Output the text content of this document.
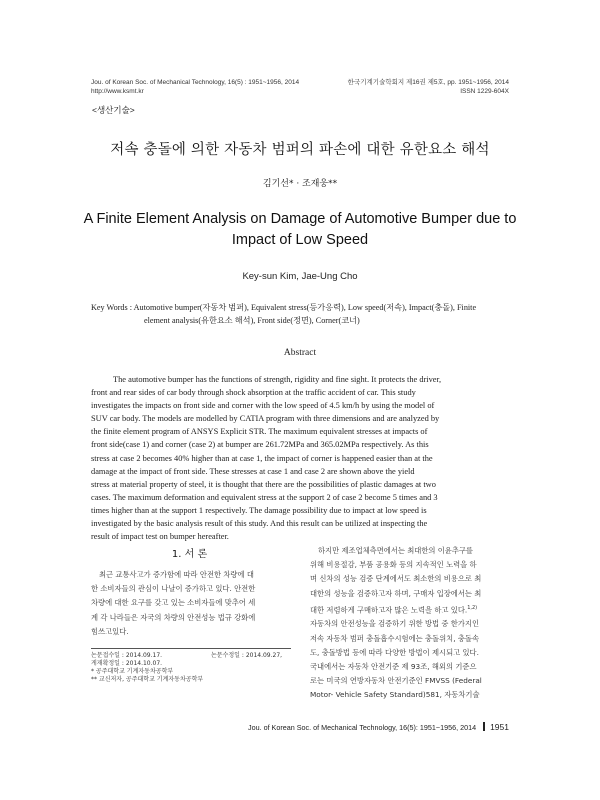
Jou. of Korean Soc. of Mechanical Technology, 16(5) : 1951~1956, 2014
http://www.ksmt.kr
한국기계기술학회지 제16권 제5호, pp. 1951~1956, 2014
ISSN 1229-604X
<생산기술>
저속 충돌에 의한 자동차 범퍼의 파손에 대한 유한요소 해석
김기선* · 조재웅**
A Finite Element Analysis on Damage of Automotive Bumper due to
Impact of Low Speed
Key-sun Kim, Jae-Ung Cho
Key Words : Automotive bumper(자동차 범퍼), Equivalent stress(등가응력), Low speed(저속), Impact(충돌), Finite
element analysis(유한요소 해석), Front side(정면), Corner(코너)
Abstract
The automotive bumper has the functions of strength, rigidity and fine sight. It protects the driver,
front and rear sides of car body through shock absorption at the traffic accident of car. This study
investigates the impacts on front side and corner with the low speed of 4.5 km/h by using the model of
SUV car body. The models are modelled by CATIA program with three dimensions and are analyzed by
the finite element program of ANSYS Explicit STR. The maximum equivalent stresses at impacts of
front side(case 1) and corner (case 2) at bumper are 261.72MPa and 365.02MPa respectively. As this
stress at case 2 becomes 40% higher than at case 1, the impact of corner is happened easier than at the
damage at the impact of front side. These stresses at case 1 and case 2 are shown above the yield
stress at material property of steel, it is thought that there are the possibilities of plastic damages at two
cases. The maximum deformation and equivalent stress at the support 2 of case 2 become 5 times and 3
times higher than at the support 1 respectively. The damage possibility due to impact at low speed is
investigated by the basic analysis result of this study. And this result can be utilized at inspecting the
result of impact test on bumper hereafter.
1. 서 론
최근 교통사고가 증가함에 따라 안전한 차량에 대
한 소비자들의 관심이 나날이 증가하고 있다. 안전한
차량에 대한 요구를 갖고 있는 소비자들에 맞추어 세
계 각 나라들은 자국의 차량의 안전성능 법규 강화에
힘쓰고있다.
논문접수일 : 2014.09.17.	논문수정일 : 2014.09.27,
게재확정일 : 2014.10.07.
* 공주대학교 기계자동차공학부
** 교신저자, 공주대학교 기계자동차공학부
하지만 제조업체측면에서는 최대한의 이윤추구를
위해 비용절감, 부품 공용화 등의 지속적인 노력을 하
며 신차의 성능 검증 단계에서도 최소한의 비용으로 최
대한의 성능을 검증하고자 하며, 구매자 입장에서는 최
대한 저렴하게 구매하고자 많은 노력을 하고 있다.$^{1,2)}$
자동차의 안전성능을 검증하기 위한 방법 중 한가지인
저속 자동차 범퍼 충돌흡수시험에는 충돌위치, 충돌속
도, 충돌방법 등에 따라 다양한 방법이 제시되고 있다.
국내에서는 자동차 안전기준 제 93조, 해외의 기준으
로는 미국의 연방자동차 안전기준인 FMVSS (Federal
Motor- Vehicle Safety Standard)581, 자동차기술
Jou. of Korean Soc. of Mechanical Technology, 16(5): 1951~1956, 2014 1951
